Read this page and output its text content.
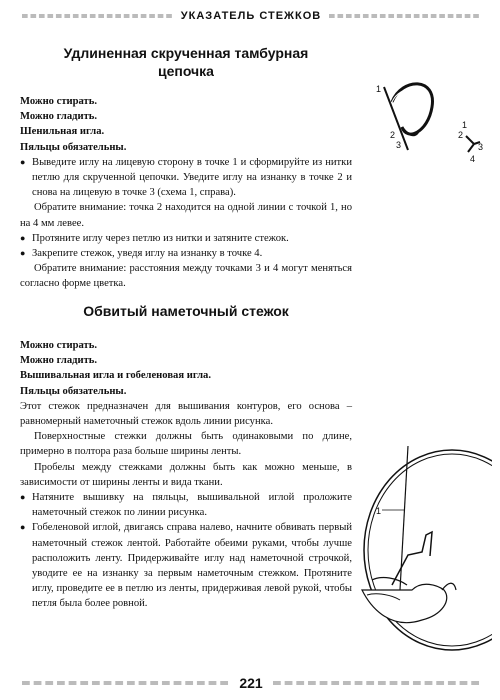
УКАЗАТЕЛЬ СТЕЖКОВ

Удлиненная скрученная тамбурная

цепочка

Можно стирать.

Можно гладить.

Шенильная игла.

Пяльцы обязательны.

● Выведите иглу на лицевую сторону в точке 1 и сформируйте из нитки петлю для скрученной цепочки. Уведите иглу на изнанку в точке 2 и снова на лицевую в точке 3 (схема 1, справа).

Обратите внимание: точка 2 находится на одной линии с точкой 1, но на 4 мм левее.

● Протяните иглу через петлю из нитки и затяните стежок.
● Закрепите стежок, уведя иглу на изнанку в точке 4.

Обратите внимание: расстояния между точками 3 и 4 могут меняться согласно форме цветка.

1
2
3
1
2
3
4

Обвитый наметочный стежок

Можно стирать.

Можно гладить.

Вышивальная игла и гобеленовая игла.

Пяльцы обязательны.

Этот стежок предназначен для вышивания контуров, его основа – равномерный наметочный стежок вдоль линии рисунка.

Поверхностные стежки должны быть одинаковыми по длине, примерно в полтора раза больше ширины ленты.

Пробелы между стежками должны быть как можно меньше, в зависимости от ширины ленты и вида ткани.

● Натяните вышивку на пяльцы, вышивальной иглой проложите наметочный стежок по линии рисунка.
● Гобеленовой иглой, двигаясь справа налево, начните обвивать первый наметочный стежок лентой. Работайте обеими руками, чтобы лучше расположить ленту. Придерживайте иглу над наметочной строчкой, уводите ее на изнанку за первым наметочным стежком. Протяните иглу, проведите ее в петлю из ленты, придерживая левой рукой, чтобы петля была более ровной.
1
221
